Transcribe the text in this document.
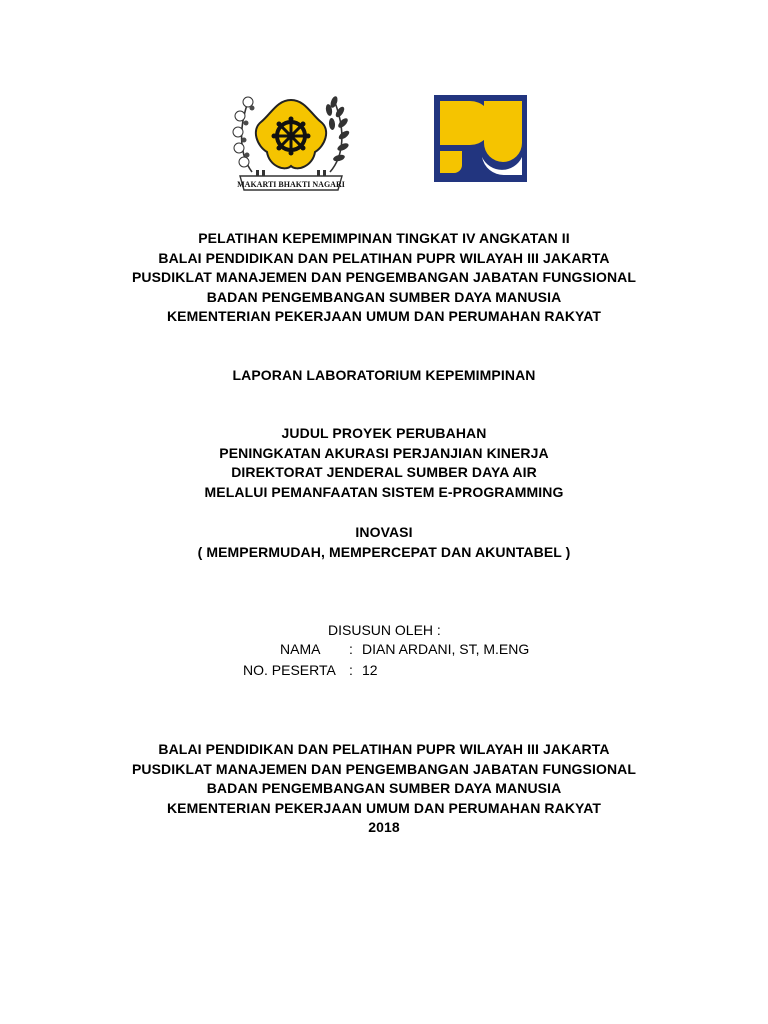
MAKARTI BHAKTI NAGARI
PELATIHAN KEPEMIMPINAN TINGKAT IV ANGKATAN II
BALAI PENDIDIKAN DAN PELATIHAN PUPR WILAYAH III JAKARTA
PUSDIKLAT MANAJEMEN DAN PENGEMBANGAN JABATAN FUNGSIONAL
BADAN PENGEMBANGAN SUMBER DAYA MANUSIA
KEMENTERIAN PEKERJAAN UMUM DAN PERUMAHAN RAKYAT
LAPORAN LABORATORIUM KEPEMIMPINAN
JUDUL PROYEK PERUBAHAN
PENINGKATAN AKURASI PERJANJIAN KINERJA
DIREKTORAT JENDERAL SUMBER DAYA AIR
MELALUI PEMANFAATAN SISTEM E-PROGRAMMING
INOVASI
( MEMPERMUDAH, MEMPERCEPAT DAN AKUNTABEL )
DISUSUN OLEH :
NAMA : DIAN ARDANI, ST, M.ENG
NO. PESERTA : 12
BALAI PENDIDIKAN DAN PELATIHAN PUPR WILAYAH III JAKARTA
PUSDIKLAT MANAJEMEN DAN PENGEMBANGAN JABATAN FUNGSIONAL
BADAN PENGEMBANGAN SUMBER DAYA MANUSIA
KEMENTERIAN PEKERJAAN UMUM DAN PERUMAHAN RAKYAT
2018
